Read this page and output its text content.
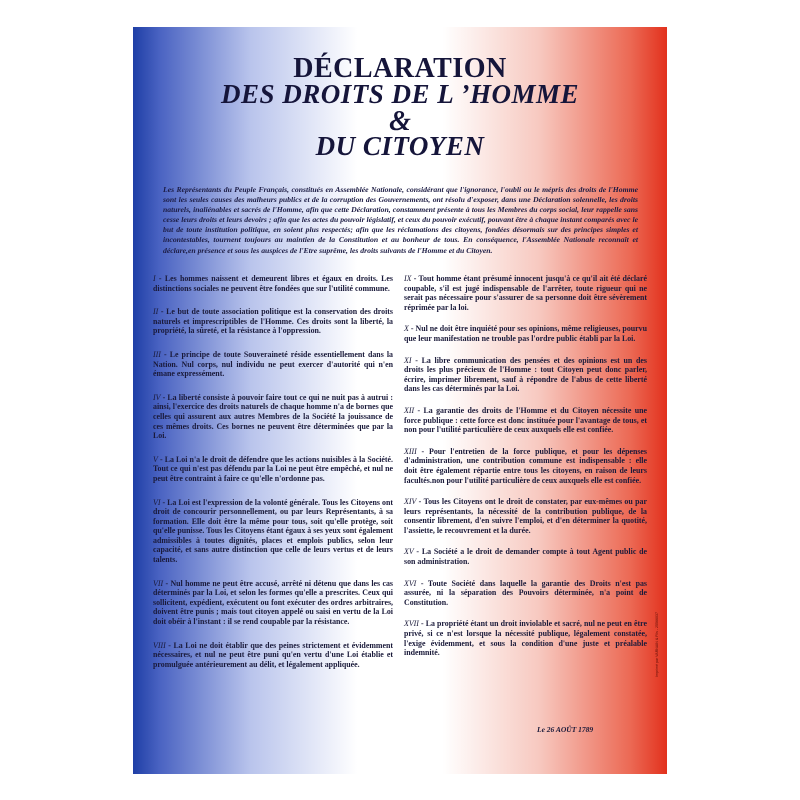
DÉCLARATION
DES DROITS DE L ’HOMME
&
DU CITOYEN
Les Représentants du Peuple Français, constitués en Assemblée Nationale, considérant que l'ignorance, l'oubli ou le mépris des droits de l'Homme sont les seules causes des malheurs publics et de la corruption des Gouvernements, ont résolu d'exposer, dans une Déclaration solennelle, les droits naturels, inaliénables et sacrés de l'Homme, afin que cette Déclaration, constamment présente à tous les Membres du corps social, leur rappelle sans cesse leurs droits et leurs devoirs ; afin que les actes du pouvoir législatif, et ceux du pouvoir exécutif, pouvant être à chaque instant comparés avec le but de toute institution politique, en soient plus respectés; afin que les réclamations des citoyens, fondées désormais sur des principes simples et incontestables, tournent toujours au maintien de la Constitution et au bonheur de tous. En conséquence, l'Assemblée Nationale reconnaît et déclare,en présence et sous les auspices de l'Etre suprême, les droits suivants de l'Homme et du Citoyen.
I - Les hommes naissent et demeurent libres et égaux en droits. Les distinctions sociales ne peuvent être fondées que sur l'utilité commune.
II - Le but de toute association politique est la conservation des droits naturels et imprescriptibles de l'Homme. Ces droits sont la liberté, la propriété, la sûreté, et la résistance à l'oppression.
III - Le principe de toute Souveraineté réside essentiellement dans la Nation. Nul corps, nul individu ne peut exercer d'autorité qui n'en émane expressément.
IV - La liberté consiste à pouvoir faire tout ce qui ne nuit pas à autrui : ainsi, l'exercice des droits naturels de chaque homme n'a de bornes que celles qui assurent aux autres Membres de la Société la jouissance de ces mêmes droits. Ces bornes ne peuvent être déterminées que par la Loi.
V - La Loi n'a le droit de défendre que les actions nuisibles à la Société. Tout ce qui n'est pas défendu par la Loi ne peut être empêché, et nul ne peut être contraint à faire ce qu'elle n'ordonne pas.
VI - La Loi est l'expression de la volonté générale. Tous les Citoyens ont droit de concourir personnellement, ou par leurs Représentants, à sa formation. Elle doit être la même pour tous, soit qu'elle protège, soit qu'elle punisse. Tous les Citoyens étant égaux à ses yeux sont également admissibles à toutes dignités, places et emplois publics, selon leur capacité, et sans autre distinction que celle de leurs vertus et de leurs talents.
VII - Nul homme ne peut être accusé, arrêté ni détenu que dans les cas déterminés par la Loi, et selon les formes qu'elle a prescrites. Ceux qui sollicitent, expédient, exécutent ou font exécuter des ordres arbitraires, doivent être punis ; mais tout citoyen appelé ou saisi en vertu de la Loi doit obéir à l'instant : il se rend coupable par la résistance.
VIII - La Loi ne doit établir que des peines strictement et évidemment nécessaires, et nul ne peut être puni qu'en vertu d'une Loi établie et promulguée antérieurement au délit, et légalement appliquée.
IX - Tout homme étant présumé innocent jusqu'à ce qu'il ait été déclaré coupable, s'il est jugé indispensable de l'arrêter, toute rigueur qui ne serait pas nécessaire pour s'assurer de sa personne doit être sévèrement réprimée par la loi.
X - Nul ne doit être inquiété pour ses opinions, même religieuses, pourvu que leur manifestation ne trouble pas l'ordre public établi par la Loi.
XI - La libre communication des pensées et des opinions est un des droits les plus précieux de l'Homme : tout Citoyen peut donc parler, écrire, imprimer librement, sauf à répondre de l'abus de cette liberté dans les cas déterminés par la Loi.
XII - La garantie des droits de l'Homme et du Citoyen nécessite une force publique : cette force est donc instituée pour l'avantage de tous, et non pour l'utilité particulière de ceux auxquels elle est confiée.
XIII - Pour l'entretien de la force publique, et pour les dépenses d'administration, une contribution commune est indispensable : elle doit être également répartie entre tous les citoyens, en raison de leurs facultés.non pour l'utilité particulière de ceux auxquels elle est confiée.
XIV - Tous les Citoyens ont le droit de constater, par eux-mêmes ou par leurs représentants, la nécessité de la contribution publique, de la consentir librement, d'en suivre l'emploi, et d'en déterminer la quotité, l'assiette, le recouvrement et la durée.
XV - La Société a le droit de demander compte à tout Agent public de son administration.
XVI - Toute Société dans laquelle la garantie des Droits n'est pas assurée, ni la séparation des Pouvoirs déterminée, n'a point de Constitution.
XVII - La propriété étant un droit inviolable et sacré, nul ne peut en être privé, si ce n'est lorsque la nécessité publique, légalement constatée, l'exige évidemment, et sous la condition d'une juste et préalable indemnité.
Le 26 AOÛT 1789
Imprimé par VARNAIN & Fils - 25566037
